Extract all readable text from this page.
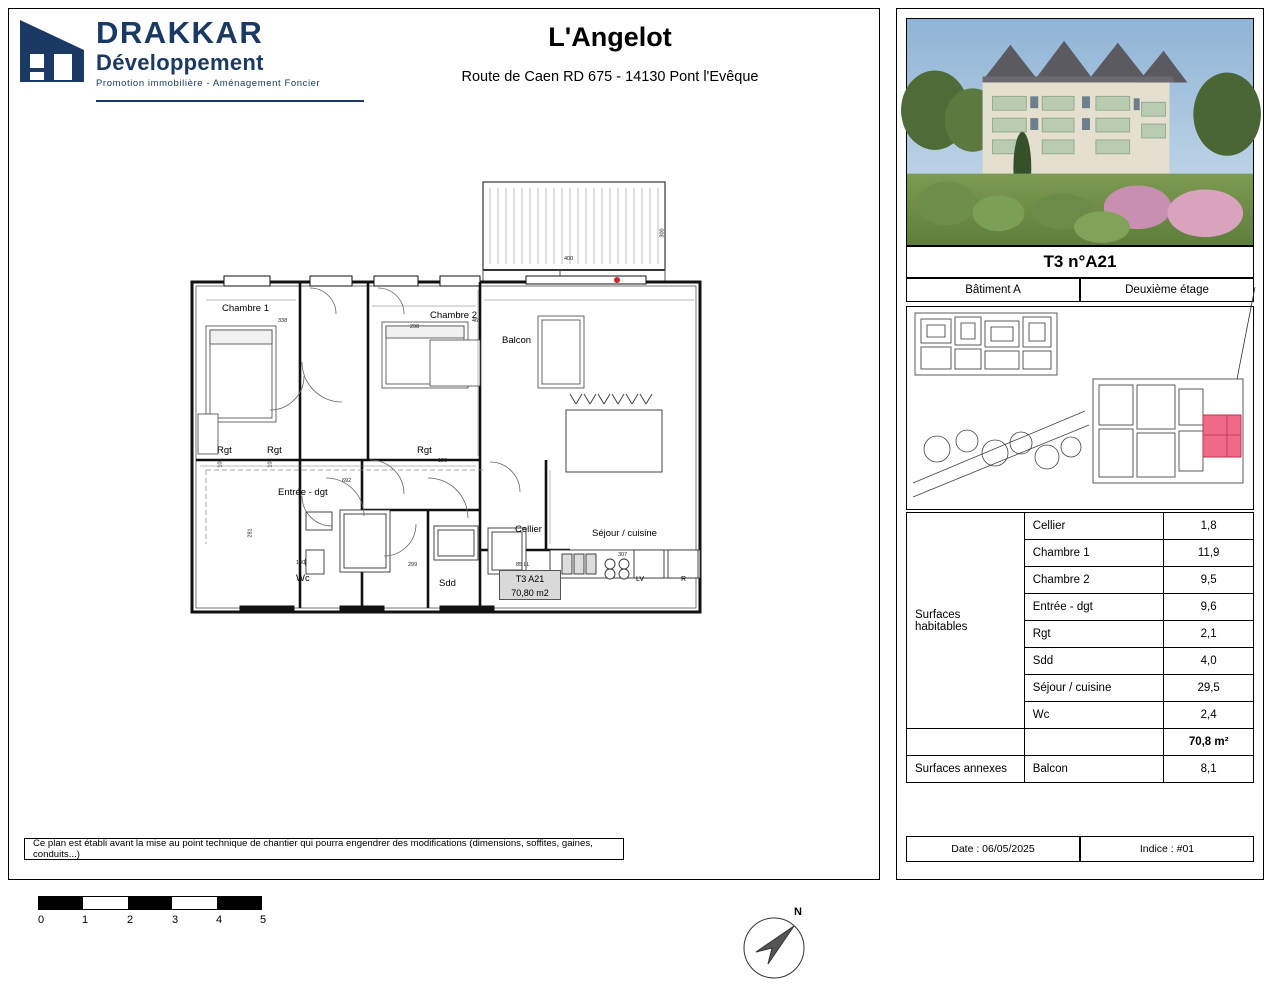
DRAKKAR
Développement
Promotion immobilière - Aménagement Foncier
L'Angelot
Route de Caen RD 675 - 14130 Pont l'Evêque
Balcon
Chambre 1
Chambre 2
Rgt	Rgt	Rgt
Entrée - dgt
Cellier	Séjour / cuisine
Wc	Sdd	LV	R
338
298
469
400
300
104	102	150
692
307
299
180
281
85 LL
T3 A21
70,80 m2
0	1	2	3	4	5
N
Ce plan est établi avant la mise au point technique de chantier qui pourra engendrer des modifications (dimensions, soffites, gaines, conduits...)
T3 n°A21
Bâtiment A	Deuxième étage
Surfaces habitables	Cellier	1,8
	Chambre 1	11,9
	Chambre 2	9,5
	Entrée - dgt	9,6
	Rgt	2,1
	Sdd	4,0
	Séjour / cuisine	29,5
	Wc	2,4
		70,8 m²
Surfaces annexes	Balcon	8,1
Date : 06/05/2025	Indice : #01
